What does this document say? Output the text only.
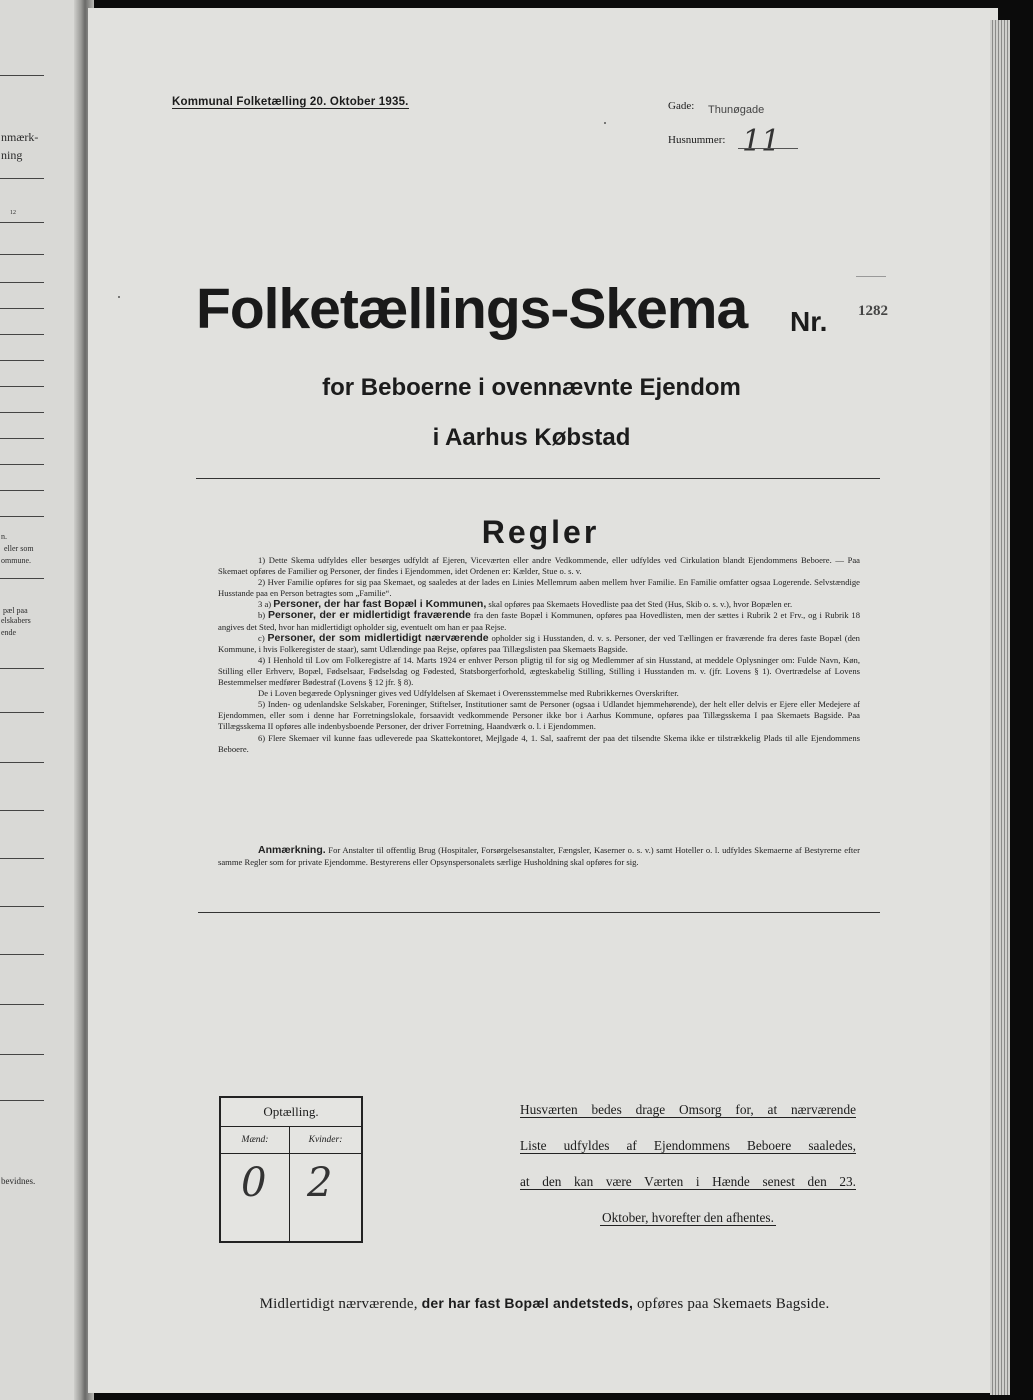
nmærk-
ning
12
n.
eller som
ommune.
pæl paa
elskabers
ende
bevidnes.
Kommunal Folketælling 20. Oktober 1935.	Gade: Thunøgade
Husnummer: 11
Folketællings-Skema Nr. 1282
for Beboerne i ovennævnte Ejendom
i Aarhus Købstad
Regler

1) Dette Skema udfyldes eller besørges udfyldt af Ejeren, Viceværten eller andre Vedkommende, eller udfyldes ved Cirkulation blandt Ejendommens Beboere. — Paa Skemaet opføres de Familier og Personer, der findes i Ejendommen, idet Ordenen er: Kælder, Stue o. s. v.

2) Hver Familie opføres for sig paa Skemaet, og saaledes at der lades en Linies Mellemrum aaben mellem hver Familie. En Familie omfatter ogsaa Logerende. Selvstændige Husstande paa en Person betragtes som „Familie“.

3 a) Personer, der har fast Bopæl i Kommunen, skal opføres paa Skemaets Hovedliste paa det Sted (Hus, Skib o. s. v.), hvor Bopælen er.

b) Personer, der er midlertidigt fraværende fra den faste Bopæl i Kommunen, opføres paa Hovedlisten, men der sættes i Rubrik 2 et Frv., og i Rubrik 18 angives det Sted, hvor han midlertidigt opholder sig, eventuelt om han er paa Rejse.

c) Personer, der som midlertidigt nærværende opholder sig i Husstanden, d. v. s. Personer, der ved Tællingen er fraværende fra deres faste Bopæl (den Kommune, i hvis Folkeregister de staar), samt Udlændinge paa Rejse, opføres paa Tillægslisten paa Skemaets Bagside.

4) I Henhold til Lov om Folkeregistre af 14. Marts 1924 er enhver Person pligtig til for sig og Medlemmer af sin Husstand, at meddele Oplysninger om: Fulde Navn, Køn, Stilling eller Erhverv, Bopæl, Fødselsaar, Fødselsdag og Fødested, Statsborgerforhold, ægteskabelig Stilling, Stilling i Husstanden m. v. (jfr. Lovens § 1). Overtrædelse af Lovens Bestemmelser medfører Bødestraf (Lovens § 12 jfr. § 8).

De i Loven begærede Oplysninger gives ved Udfyldelsen af Skemaet i Overensstemmelse med Rubrikkernes Overskrifter.

5) Inden- og udenlandske Selskaber, Foreninger, Stiftelser, Institutioner samt de Personer (ogsaa i Udlandet hjemmehørende), der helt eller delvis er Ejere eller Medejere af Ejendommen, eller som i denne har Forretningslokale, forsaavidt vedkommende Personer ikke bor i Aarhus Kommune, opføres paa Tillægsskema I paa Skemaets Bagside. Paa Tillægsskema II opføres alle indenbysboende Personer, der driver Forretning, Haandværk o. l. i Ejendommen.

6) Flere Skemaer vil kunne faas udleverede paa Skattekontoret, Mejlgade 4, 1. Sal, saafremt der paa det tilsendte Skema ikke er tilstrækkelig Plads til alle Ejendommens Beboere.

Anmærkning. For Anstalter til offentlig Brug (Hospitaler, Forsørgelsesanstalter, Fængsler, Kaserner o. s. v.) samt Hoteller o. l. udfyldes Skemaerne af Bestyrerne efter samme Regler som for private Ejendomme. Bestyrerens eller Opsynspersonalets særlige Husholdning skal opføres for sig.

Optælling.
Mænd:	Kvinder:
0 2
Husværten bedes drage Omsorg for, at nærværende
Liste udfyldes af Ejendommens Beboere saaledes,
at den kan være Værten i Hænde senest den 23.
Oktober, hvorefter den afhentes.
Midlertidigt nærværende, der har fast Bopæl andetsteds, opføres paa Skemaets Bagside.
